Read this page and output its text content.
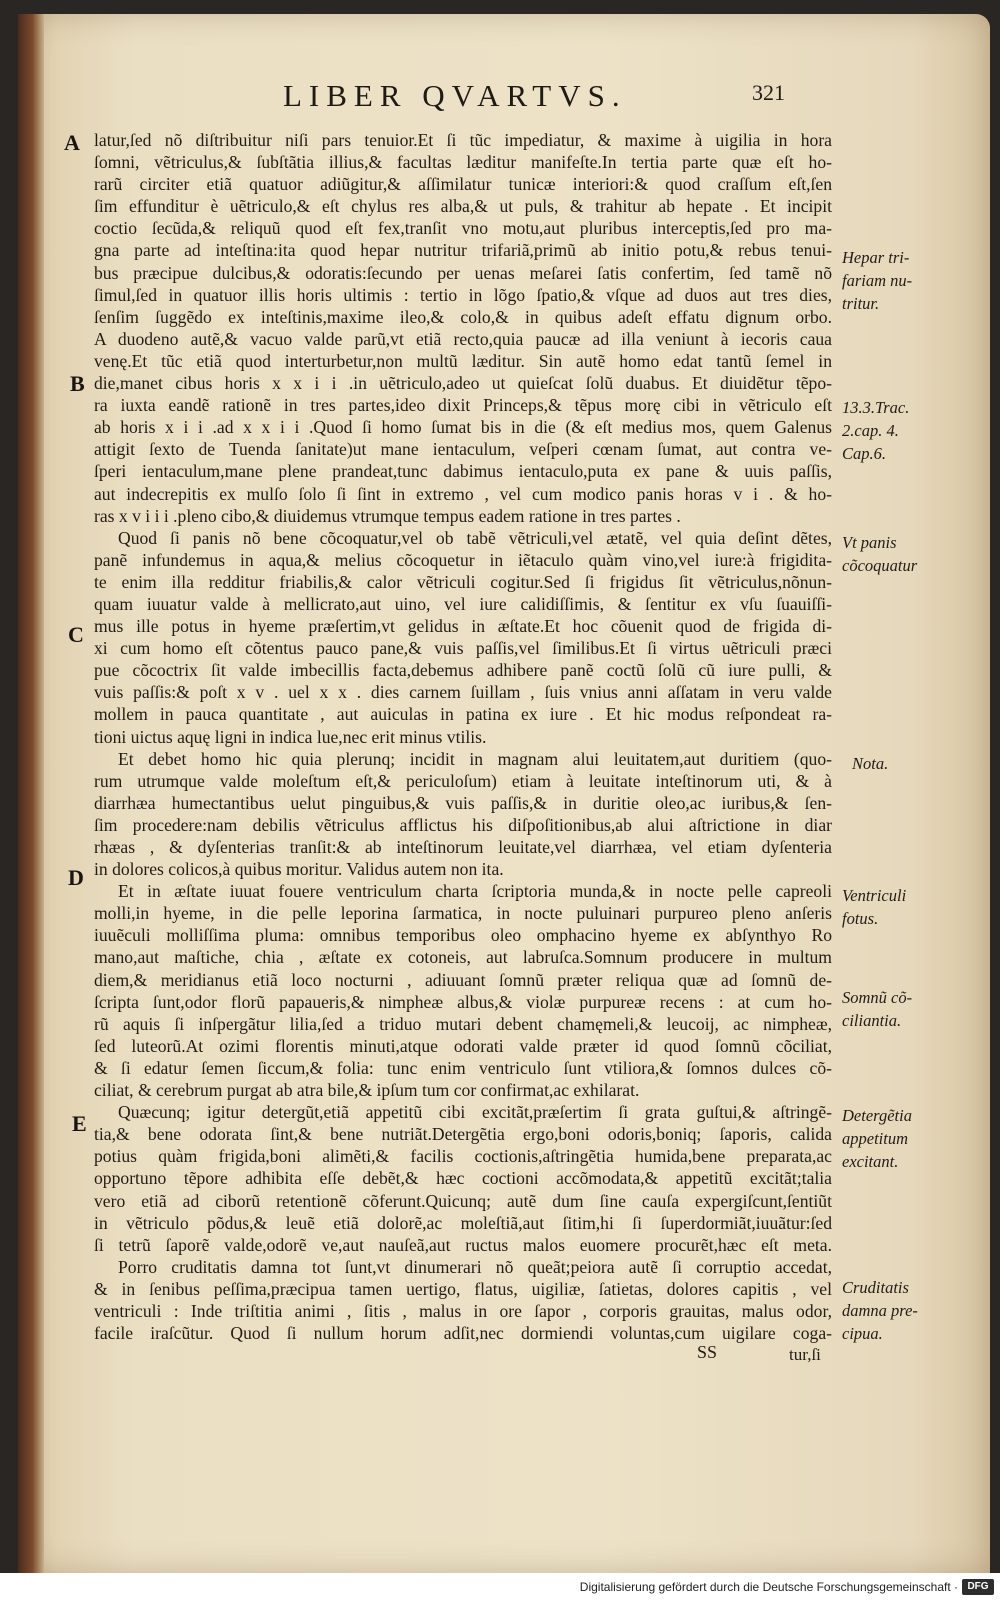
LIBER QVARTVS.	321
A
B
C
D
E
latur,ſed nõ diſtribuitur niſi pars tenuior.Et ſi tũc impediatur, & maxime à uigilia in hora
ſomni, vẽtriculus,& ſubſtãtia illius,& facultas læditur manifeſte.In tertia parte quæ eſt ho-
rarũ circiter etiã quatuor adiũgitur,& aſſimilatur tunicæ interiori:& quod craſſum eſt,ſen
ſim effunditur è uẽtriculo,& eſt chylus res alba,& ut puls, & trahitur ab hepate . Et incipit
coctio ſecũda,& reliquũ quod eſt fex,tranſit vno motu,aut pluribus interceptis,ſed pro ma-
gna parte ad inteſtina:ita quod hepar nutritur trifariã,primũ ab initio potu,& rebus tenui-
bus præcipue dulcibus,& odoratis:ſecundo per uenas meſarei ſatis confertim, ſed tamẽ nõ
ſimul,ſed in quatuor illis horis ultimis : tertio in lõgo ſpatio,& vſque ad duos aut tres dies,
ſenſim ſuggẽdo ex inteſtinis,maxime ileo,& colo,& in quibus adeſt effatu dignum orbo.
A duodeno autẽ,& vacuo valde parũ,vt etiã recto,quia paucæ ad illa veniunt à iecoris caua
venę.Et tũc etiã quod interturbetur,non multũ læditur. Sin autẽ homo edat tantũ ſemel in
die,manet cibus horis x x i i .in uẽtriculo,adeo ut quieſcat ſolũ duabus. Et diuidẽtur tẽpo-
ra iuxta eandẽ rationẽ in tres partes,ideo dixit Princeps,& tẽpus morę cibi in vẽtriculo eſt
ab horis x i i .ad x x i i .Quod ſi homo ſumat bis in die (& eſt medius mos, quem Galenus
attigit ſexto de Tuenda ſanitate)ut mane ientaculum, veſperi cœnam ſumat, aut contra ve-
ſperi ientaculum,mane plene prandeat,tunc dabimus ientaculo,puta ex pane & uuis paſſis,
aut indecrepitis ex mulſo ſolo ſi ſint in extremo , vel cum modico panis horas v i . & ho-
ras x v i i i .pleno cibo,& diuidemus vtrumque tempus eadem ratione in tres partes .
Quod ſi panis nõ bene cõcoquatur,vel ob tabẽ vẽtriculi,vel ætatẽ, vel quia deſint dẽtes,
panẽ infundemus in aqua,& melius cõcoquetur in iẽtaculo quàm vino,vel iure:à frigidita-
te enim illa redditur friabilis,& calor vẽtriculi cogitur.Sed ſi frigidus ſit vẽtriculus,nõnun-
quam iuuatur valde à mellicrato,aut uino, vel iure calidiſſimis, & ſentitur ex vſu ſuauiſſi-
mus ille potus in hyeme præſertim,vt gelidus in æſtate.Et hoc cõuenit quod de frigida di-
xi cum homo eſt cõtentus pauco pane,& vuis paſſis,vel ſimilibus.Et ſi virtus uẽtriculi præci
pue cõcoctrix ſit valde imbecillis facta,debemus adhibere panẽ coctũ ſolũ cũ iure pulli, &
vuis paſſis:& poſt x v . uel x x . dies carnem ſuillam , ſuis vnius anni aſſatam in veru valde
mollem in pauca quantitate , aut auiculas in patina ex iure . Et hic modus reſpondeat ra-
tioni uictus aquę ligni in indica lue,nec erit minus vtilis.
Et debet homo hic quia plerunq; incidit in magnam alui leuitatem,aut duritiem (quo-
rum utrumque valde moleſtum eſt,& periculoſum) etiam à leuitate inteſtinorum uti, & à
diarrhæa humectantibus uelut pinguibus,& vuis paſſis,& in duritie oleo,ac iuribus,& ſen-
ſim procedere:nam debilis vẽtriculus afflictus his diſpoſitionibus,ab alui aſtrictione in diar
rhæas , & dyſenterias tranſit:& ab inteſtinorum leuitate,vel diarrhæa, vel etiam dyſenteria
in dolores colicos,à quibus moritur. Validus autem non ita.
Et in æſtate iuuat fouere ventriculum charta ſcriptoria munda,& in nocte pelle capreoli
molli,in hyeme, in die pelle leporina ſarmatica, in nocte puluinari purpureo pleno anſeris
iuuẽculi molliſſima pluma: omnibus temporibus oleo omphacino hyeme ex abſynthyo Ro
mano,aut maſtiche, chia , æſtate ex cotoneis, aut labruſca.Somnum producere in multum
diem,& meridianus etiã loco nocturni , adiuuant ſomnũ præter reliqua quæ ad ſomnũ de-
ſcripta ſunt,odor florũ papaueris,& nimpheæ albus,& violæ purpureæ recens : at cum ho-
rũ aquis ſi inſpergãtur lilia,ſed a triduo mutari debent chamęmeli,& leucoij, ac nimpheæ,
ſed luteorũ.At ozimi florentis minuti,atque odorati valde præter id quod ſomnũ cõciliat,
& ſi edatur ſemen ſiccum,& folia: tunc enim ventriculo ſunt vtiliora,& ſomnos dulces cõ-
ciliat, & cerebrum purgat ab atra bile,& ipſum tum cor confirmat,ac exhilarat.
Quæcunq; igitur detergũt,etiã appetitũ cibi excitãt,præſertim ſi grata guſtui,& aſtringẽ-
tia,& bene odorata ſint,& bene nutriãt.Detergẽtia ergo,boni odoris,boniq; ſaporis, calida
potius quàm frigida,boni alimẽti,& facilis coctionis,aſtringẽtia humida,bene preparata,ac
opportuno tẽpore adhibita eſſe debẽt,& hæc coctioni accõmodata,& appetitũ excitãt;talia
vero etiã ad ciborũ retentionẽ cõferunt.Quicunq; autẽ dum ſine cauſa expergiſcunt,ſentiũt
in vẽtriculo põdus,& leuẽ etiã dolorẽ,ac moleſtiã,aut ſitim,hi ſi ſuperdormiãt,iuuãtur:ſed
ſi tetrũ ſaporẽ valde,odorẽ ve,aut nauſeã,aut ructus malos euomere procurẽt,hæc eſt meta.
Porro cruditatis damna tot ſunt,vt dinumerari nõ queãt;peiora autẽ ſi corruptio accedat,
& in ſenibus peſſima,præcipua tamen uertigo, flatus, uigiliæ, ſatietas, dolores capitis , vel
ventriculi : Inde triſtitia animi , ſitis , malus in ore ſapor , corporis grauitas, malus odor,
facile iraſcũtur. Quod ſi nullum horum adſit,nec dormiendi voluntas,cum uigilare coga-
Hepar tri-
fariam nu-
tritur.
13.3.Trac.
2.cap. 4.
Cap.6.
Vt panis
cõcoquatur
Nota.
Ventriculi
fotus.
Somnũ cõ-
ciliantia.
Detergẽtia
appetitum
excitant.
Cruditatis
damna pre-
cipua.
SS	tur,ſi
Digitalisierung gefördert durch die Deutsche Forschungsgemeinschaft · DFG
